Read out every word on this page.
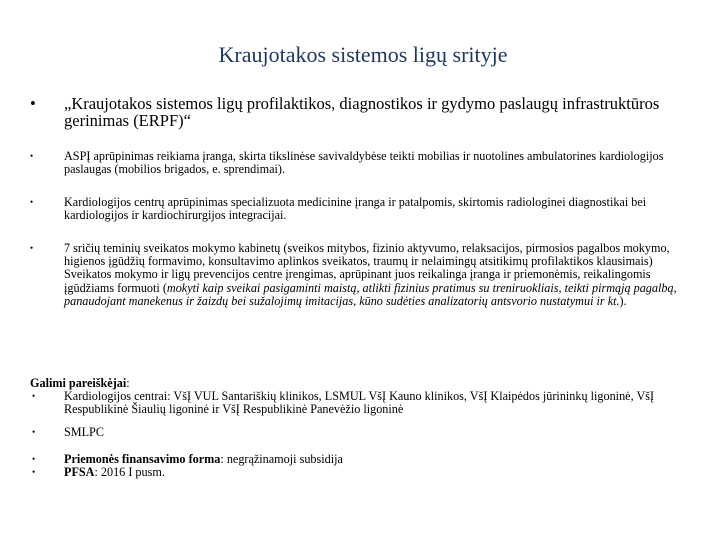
Kraujotakos sistemos ligų srityje
• „Kraujotakos sistemos ligų profilaktikos, diagnostikos ir gydymo paslaugų infrastruktūros gerinimas (ERPF)“
•	ASPĮ aprūpinimas reikiama įranga, skirta tikslinėse savivaldybėse teikti mobilias ir nuotolines ambulatorines kardiologijos paslaugas (mobilios brigados, e. sprendimai).
•	Kardiologijos centrų aprūpinimas specializuota medicinine įranga ir patalpomis, skirtomis radiologinei diagnostikai bei kardiologijos ir kardiochirurgijos integracijai.
•	7 sričių teminių sveikatos mokymo kabinetų (sveikos mitybos, fizinio aktyvumo, relaksacijos, pirmosios pagalbos mokymo, higienos įgūdžių formavimo, konsultavimo aplinkos sveikatos, traumų ir nelaimingų atsitikimų profilaktikos klausimais) Sveikatos mokymo ir ligų prevencijos centre įrengimas, aprūpinant juos reikalinga įranga ir priemonėmis, reikalingomis įgūdžiams formuoti (mokyti kaip sveikai pasigaminti maistą, atlikti fizinius pratimus su treniruokliais, teikti pirmąją pagalbą, panaudojant manekenus ir žaizdų bei sužalojimų imitacijas, kūno sudėties analizatorių antsvorio nustatymui ir kt.).
Galimi pareiškėjai:
• Kardiologijos centrai: VšĮ VUL Santariškių klinikos, LSMUL VšĮ Kauno klinikos, VšĮ Klaipėdos jūrininkų ligoninė, VšĮ Respublikinė Šiaulių ligoninė ir VšĮ Respublikinė Panevėžio ligoninė
• SMLPC
• Priemonės finansavimo forma: negrąžinamoji subsidija
• PFSA: 2016 I pusm.
